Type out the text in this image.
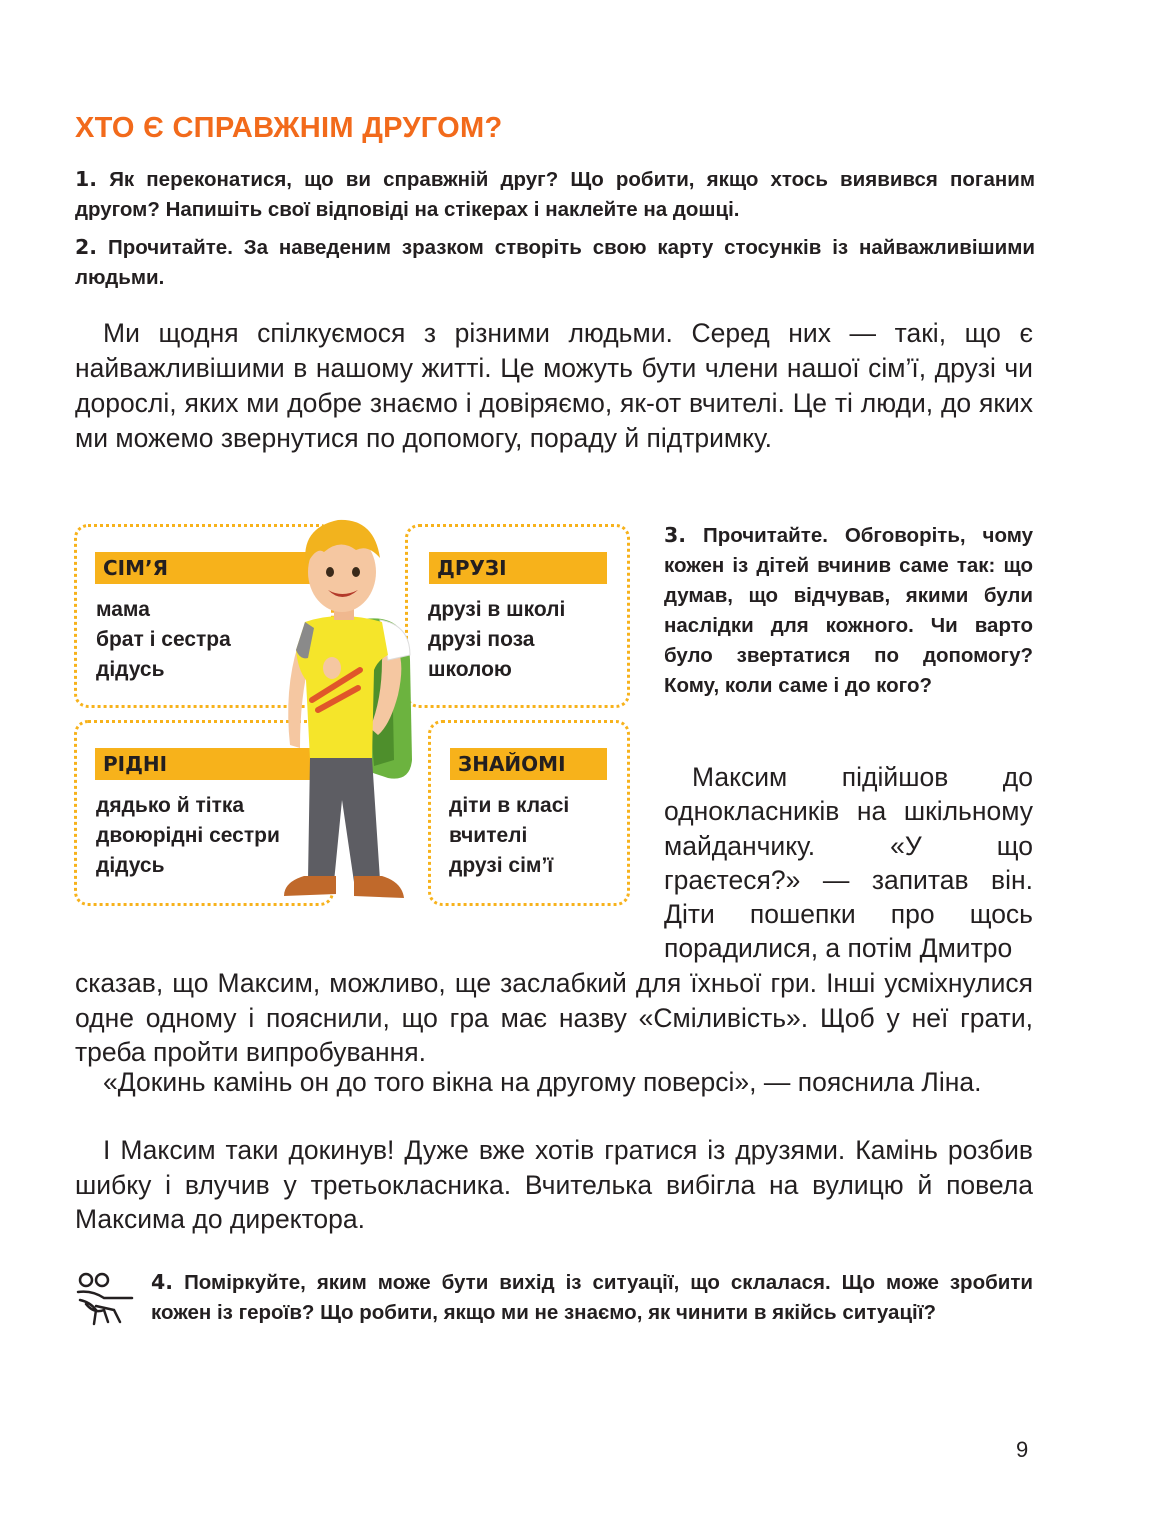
ХТО Є СПРАВЖНІМ ДРУГОМ?
1. Як переконатися, що ви справжній друг? Що робити, якщо хтось виявився поганим другом? Напишіть свої відповіді на стікерах і наклейте на дошці.
2. Прочитайте. За наведеним зразком створіть свою карту стосунків із найважливішими людьми.
Ми щодня спілкуємося з різними людьми. Серед них — такі, що є найважливішими в нашому житті. Це можуть бути члени нашої сім’ї, друзі чи дорослі, яких ми добре знаємо і довіряємо, як-от вчителі. Це ті люди, до яких ми можемо звернутися по допомогу, пораду й підтримку.
СІМ’Я	ДРУЗІ
РІДНІ	ЗНАЙОМІ
мама
брат і сестра
дідусь
друзі в школі
друзі поза
школою
дядько й тітка
двоюрідні сестри
дідусь
діти в класі
вчителі
друзі сім’ї
3. Прочитайте. Обговоріть, чому кожен із дітей вчинив саме так: що думав, що відчував, якими були наслідки для кожного. Чи варто було звертатися по допомогу? Кому, коли саме і до кого?
Максим підійшов до однокласників на шкільному майданчику. «У що граєтеся?» — запитав він. Діти пошепки про щось порадилися, а потім Дмитро
сказав, що Максим, можливо, ще заслабкий для їхньої гри. Інші усміхнулися одне одному і пояснили, що гра має назву «Сміливість». Щоб у неї грати, треба пройти випробування.
«Докинь камінь он до того вікна на другому поверсі», — пояснила Ліна.
І Максим таки докинув! Дуже вже хотів гратися із друзями. Камінь розбив шибку і влучив у третьокласника. Вчителька вибігла на вулицю й повела Максима до директора.
4. Поміркуйте, яким може бути вихід із ситуації, що склалася. Що може зробити кожен із героїв? Що робити, якщо ми не знаємо, як чинити в якійсь ситуації?
9
